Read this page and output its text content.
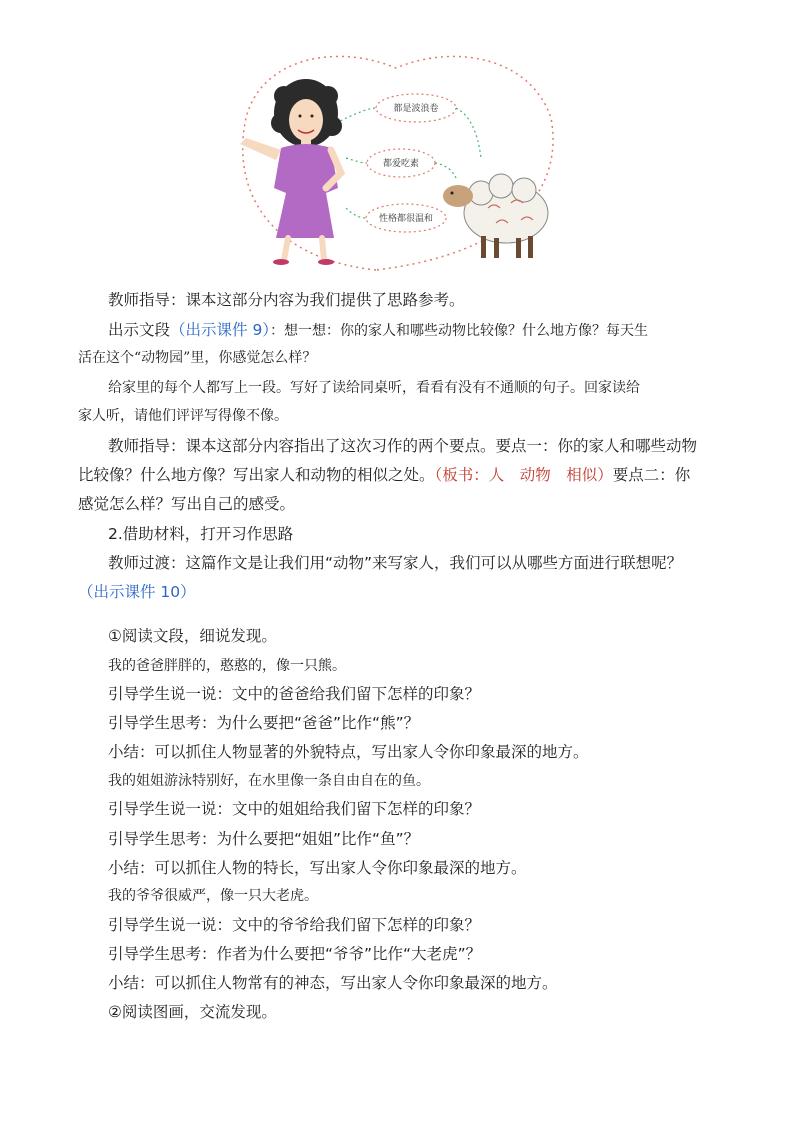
都是波浪卷
都爱吃素
性格都很温和
教师指导：课本这部分内容为我们提供了思路参考。
出示文段（出示课件 9）：想一想：你的家人和哪些动物比较像？什么地方像？每天生
活在这个“动物园”里，你感觉怎么样？
给家里的每个人都写上一段。写好了读给同桌听，看看有没有不通顺的句子。回家读给
家人听，请他们评评写得像不像。
教师指导：课本这部分内容指出了这次习作的两个要点。要点一：你的家人和哪些动物
比较像？什么地方像？写出家人和动物的相似之处。（板书：人　动物　相似）要点二：你
感觉怎么样？写出自己的感受。
2.借助材料，打开习作思路
教师过渡：这篇作文是让我们用“动物”来写家人，我们可以从哪些方面进行联想呢？
（出示课件 10）
①阅读文段，细说发现。
我的爸爸胖胖的，憨憨的，像一只熊。
引导学生说一说：文中的爸爸给我们留下怎样的印象？
引导学生思考：为什么要把“爸爸”比作“熊”？
小结：可以抓住人物显著的外貌特点，写出家人令你印象最深的地方。
我的姐姐游泳特别好，在水里像一条自由自在的鱼。
引导学生说一说：文中的姐姐给我们留下怎样的印象？
引导学生思考：为什么要把“姐姐”比作“鱼”？
小结：可以抓住人物的特长，写出家人令你印象最深的地方。
我的爷爷很威严，像一只大老虎。
引导学生说一说：文中的爷爷给我们留下怎样的印象？
引导学生思考：作者为什么要把“爷爷”比作“大老虎”？
小结：可以抓住人物常有的神态，写出家人令你印象最深的地方。
②阅读图画，交流发现。
